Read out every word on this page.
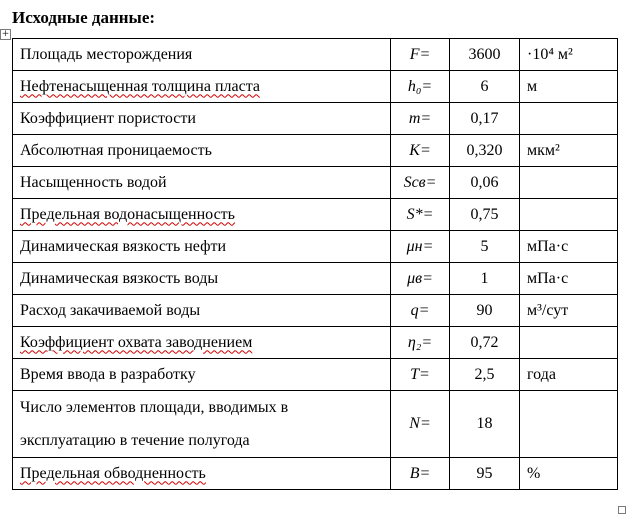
Исходные данные:

+
Площадь месторождения	F=	3600	·10⁴ м²
Нефтенасыщенная толщина пласта	h₀=	6	м
Коэффициент пористости	m=	0,17	
Абсолютная проницаемость	K=	0,320	мкм²
Насыщенность водой	Sсв=	0,06	
Предельная водонасыщенность	S*=	0,75	
Динамическая вязкость нефти	μн=	5	мПа·с
Динамическая вязкость воды	μв=	1	мПа·с
Расход закачиваемой воды	q=	90	м³/сут
Коэффициент охвата заводнением	η₂=	0,72	
Время ввода в разработку	T=	2,5	года
Число элементов площади, вводимых в эксплуатацию в течение полугода	N=	18	
Предельная обводненность	B=	95	%
